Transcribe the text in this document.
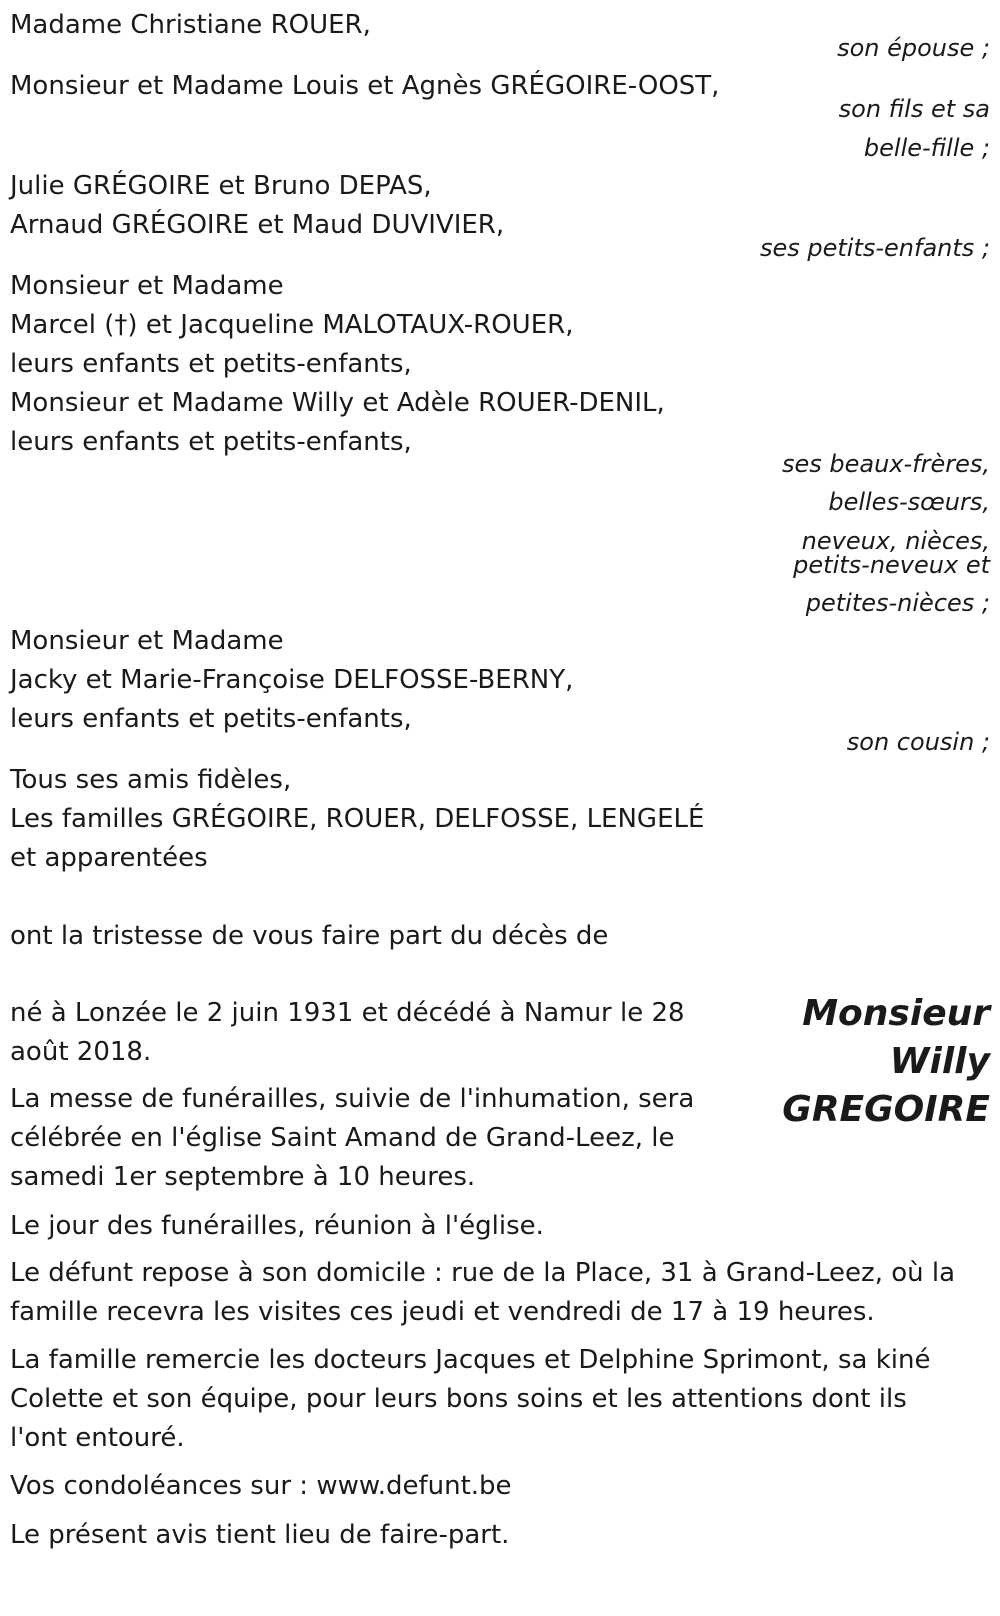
Madame Christiane ROUER,
son épouse ;
Monsieur et Madame Louis et Agnès GRÉGOIRE-OOST,
son fils et sa
belle-fille ;
Julie GRÉGOIRE et Bruno DEPAS,
Arnaud GRÉGOIRE et Maud DUVIVIER,
ses petits-enfants ;
Monsieur et Madame
Marcel (†) et Jacqueline MALOTAUX-ROUER,
leurs enfants et petits-enfants,
Monsieur et Madame Willy et Adèle ROUER-DENIL,
leurs enfants et petits-enfants,
ses beaux-frères,
belles-sœurs,
neveux, nièces,
petits-neveux et
petites-nièces ;
Monsieur et Madame
Jacky et Marie-Françoise DELFOSSE-BERNY,
leurs enfants et petits-enfants,
son cousin ;
Tous ses amis fidèles,
Les familles GRÉGOIRE, ROUER, DELFOSSE, LENGELÉ
et apparentées
ont la tristesse de vous faire part du décès de
Monsieur
Willy
GREGOIRE
né à Lonzée le 2 juin 1931 et décédé à Namur le 28
août 2018.
La messe de funérailles, suivie de l'inhumation, sera
célébrée en l'église Saint Amand de Grand-Leez, le
samedi 1er septembre à 10 heures.
Le jour des funérailles, réunion à l'église.
Le défunt repose à son domicile : rue de la Place, 31 à Grand-Leez, où la
famille recevra les visites ces jeudi et vendredi de 17 à 19 heures.
La famille remercie les docteurs Jacques et Delphine Sprimont, sa kiné
Colette et son équipe, pour leurs bons soins et les attentions dont ils
l'ont entouré.
Vos condoléances sur : www.defunt.be
Le présent avis tient lieu de faire-part.
